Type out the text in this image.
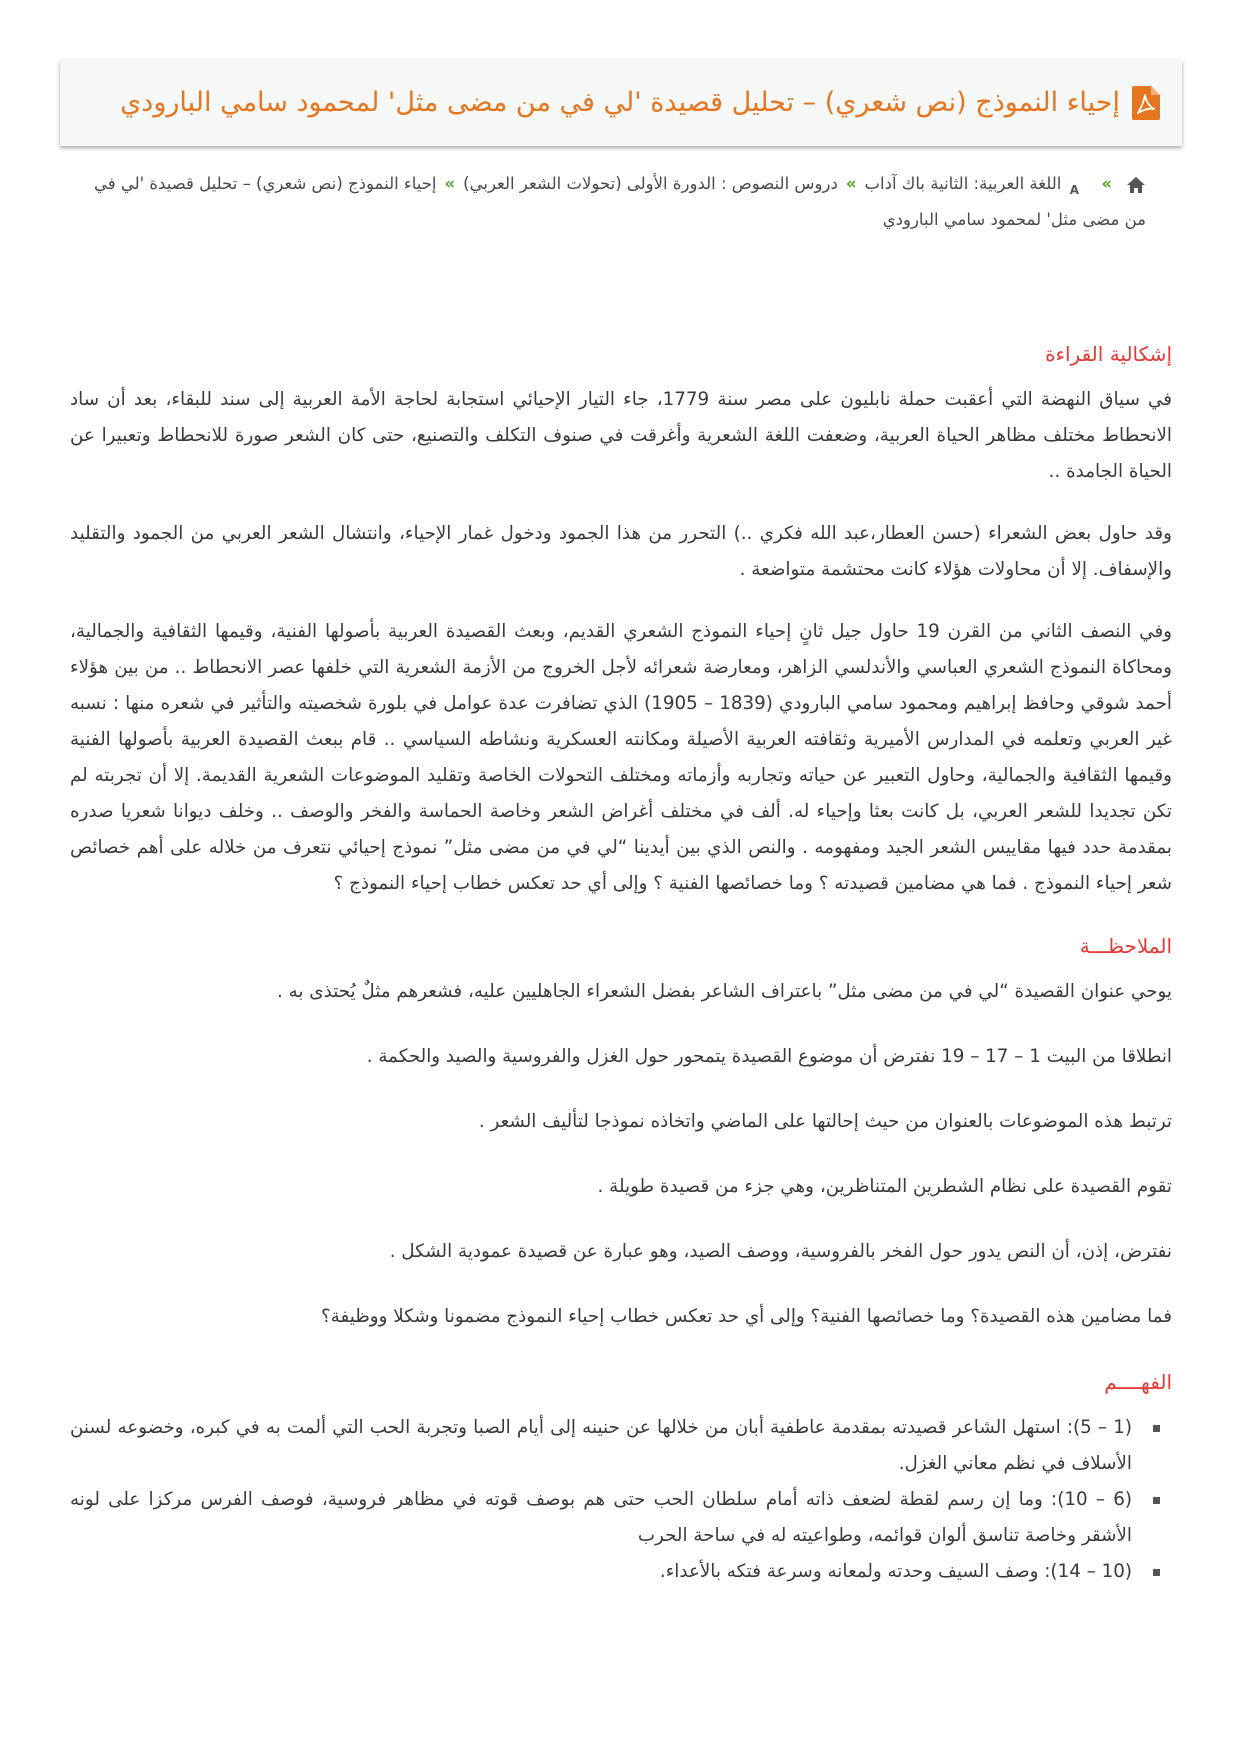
إحياء النموذج (نص شعري) – تحليل قصيدة 'لي في من مضى مثل' لمحمود سامي البارودي
»
A
اللغة العربية: الثانية باك آداب»دروس النصوص : الدورة الأولى (تحولات الشعر العربي)»إحياء النموذج (نص شعري) – تحليل قصيدة 'لي في من مضى مثل' لمحمود سامي البارودي
إشكالية القراءة

في سياق النهضة التي أعقبت حملة نابليون على مصر سنة 1779، جاء التيار الإحيائي استجابة لحاجة الأمة العربية إلى سند للبقاء، بعد أن ساد الانحطاط مختلف مظاهر الحياة العربية، وضعفت اللغة الشعرية وأغرقت في صنوف التكلف والتصنيع، حتى كان الشعر صورة للانحطاط وتعبيرا عن الحياة الجامدة ..

وقد حاول بعض الشعراء (حسن العطار،عبد الله فكري ..) التحرر من هذا الجمود ودخول غمار الإحياء، وانتشال الشعر العربي من الجمود والتقليد والإسفاف. إلا أن محاولات هؤلاء كانت محتشمة متواضعة .

وفي النصف الثاني من القرن 19 حاول جيل ثانٍ إحياء النموذج الشعري القديم، وبعث القصيدة العربية بأصولها الفنية، وقيمها الثقافية والجمالية، ومحاكاة النموذج الشعري العباسي والأندلسي الزاهر، ومعارضة شعرائه لأجل الخروج من الأزمة الشعرية التي خلفها عصر الانحطاط .. من بين هؤلاء أحمد شوقي وحافظ إبراهيم ومحمود سامي البارودي (1839 – 1905) الذي تضافرت عدة عوامل في بلورة شخصيته والتأثير في شعره منها : نسبه غير العربي وتعلمه في المدارس الأميرية وثقافته العربية الأصيلة ومكانته العسكرية ونشاطه السياسي .. قام ببعث القصيدة العربية بأصولها الفنية وقيمها الثقافية والجمالية، وحاول التعبير عن حياته وتجاربه وأزماته ومختلف التحولات الخاصة وتقليد الموضوعات الشعرية القديمة. إلا أن تجربته لم تكن تجديدا للشعر العربي، بل كانت بعثا وإحياء له. ألف في مختلف أغراض الشعر وخاصة الحماسة والفخر والوصف .. وخلف ديوانا شعريا صدره بمقدمة حدد فيها مقاييس الشعر الجيد ومفهومه . والنص الذي بين أيدينا “لي في من مضى مثل” نموذج إحيائي نتعرف من خلاله على أهم خصائص شعر إحياء النموذج . فما هي مضامين قصيدته ؟ وما خصائصها الفنية ؟ وإلى أي حد تعكس خطاب إحياء النموذج ؟

الملاحظـــة

يوحي عنوان القصيدة “لي في من مضى مثل” باعتراف الشاعر بفضل الشعراء الجاهليين عليه، فشعرهم مثلٌ يُحتذى به .

انطلاقا من البيت 1 – 17 – 19 نفترض أن موضوع القصيدة يتمحور حول الغزل والفروسية والصيد والحكمة .

ترتبط هذه الموضوعات بالعنوان من حيث إحالتها على الماضي واتخاذه نموذجا لتأليف الشعر .

تقوم القصيدة على نظام الشطرين المتناظرين، وهي جزء من قصيدة طويلة .

نفترض، إذن، أن النص يدور حول الفخر بالفروسية، ووصف الصيد، وهو عبارة عن قصيدة عمودية الشكل .

فما مضامين هذه القصيدة؟ وما خصائصها الفنية؟ وإلى أي حد تعكس خطاب إحياء النموذج مضمونا وشكلا ووظيفة؟

الفهــــم
(1 – 5): استهل الشاعر قصيدته بمقدمة عاطفية أبان من خلالها عن حنينه إلى أيام الصبا وتجربة الحب التي ألمت به في كبره، وخضوعه لسنن الأسلاف في نظم معاني الغزل.
(6 – 10): وما إن رسم لقطة لضعف ذاته أمام سلطان الحب حتى هم بوصف قوته في مظاهر فروسية، فوصف الفرس مركزا على لونه الأشقر وخاصة تناسق ألوان قوائمه، وطواعيته له في ساحة الحرب
(10 – 14): وصف السيف وحدته ولمعانه وسرعة فتكه بالأعداء.
